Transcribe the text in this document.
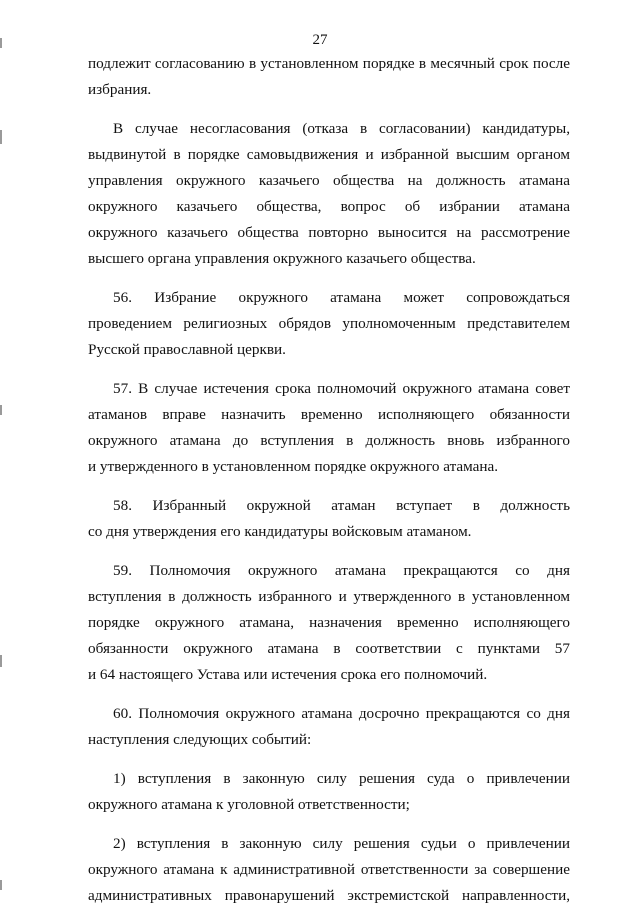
27
подлежит согласованию в установленном порядке в месячный срок после
избрания.
В случае несогласования (отказа в согласовании) кандидатуры,
выдвинутой в порядке самовыдвижения и избранной высшим органом
управления окружного казачьего общества на должность атамана
окружного казачьего общества, вопрос об избрании атамана
окружного казачьего общества повторно выносится на рассмотрение
высшего органа управления окружного казачьего общества.
56. Избрание окружного атамана может сопровождаться
проведением религиозных обрядов уполномоченным представителем
Русской православной церкви.
57. В случае истечения срока полномочий окружного атамана совет
атаманов вправе назначить временно исполняющего обязанности
окружного атамана до вступления в должность вновь избранного
и утвержденного в установленном порядке окружного атамана.
58. Избранный окружной атаман вступает в должность
со дня утверждения его кандидатуры войсковым атаманом.
59. Полномочия окружного атамана прекращаются со дня
вступления в должность избранного и утвержденного в установленном
порядке окружного атамана, назначения временно исполняющего
обязанности окружного атамана в соответствии с пунктами 57
и 64 настоящего Устава или истечения срока его полномочий.
60. Полномочия окружного атамана досрочно прекращаются со дня
наступления следующих событий:
1) вступления в законную силу решения суда о привлечении
окружного атамана к уголовной ответственности;
2) вступления в законную силу решения судьи о привлечении
окружного атамана к административной ответственности за совершение
административных правонарушений экстремистской направленности,
